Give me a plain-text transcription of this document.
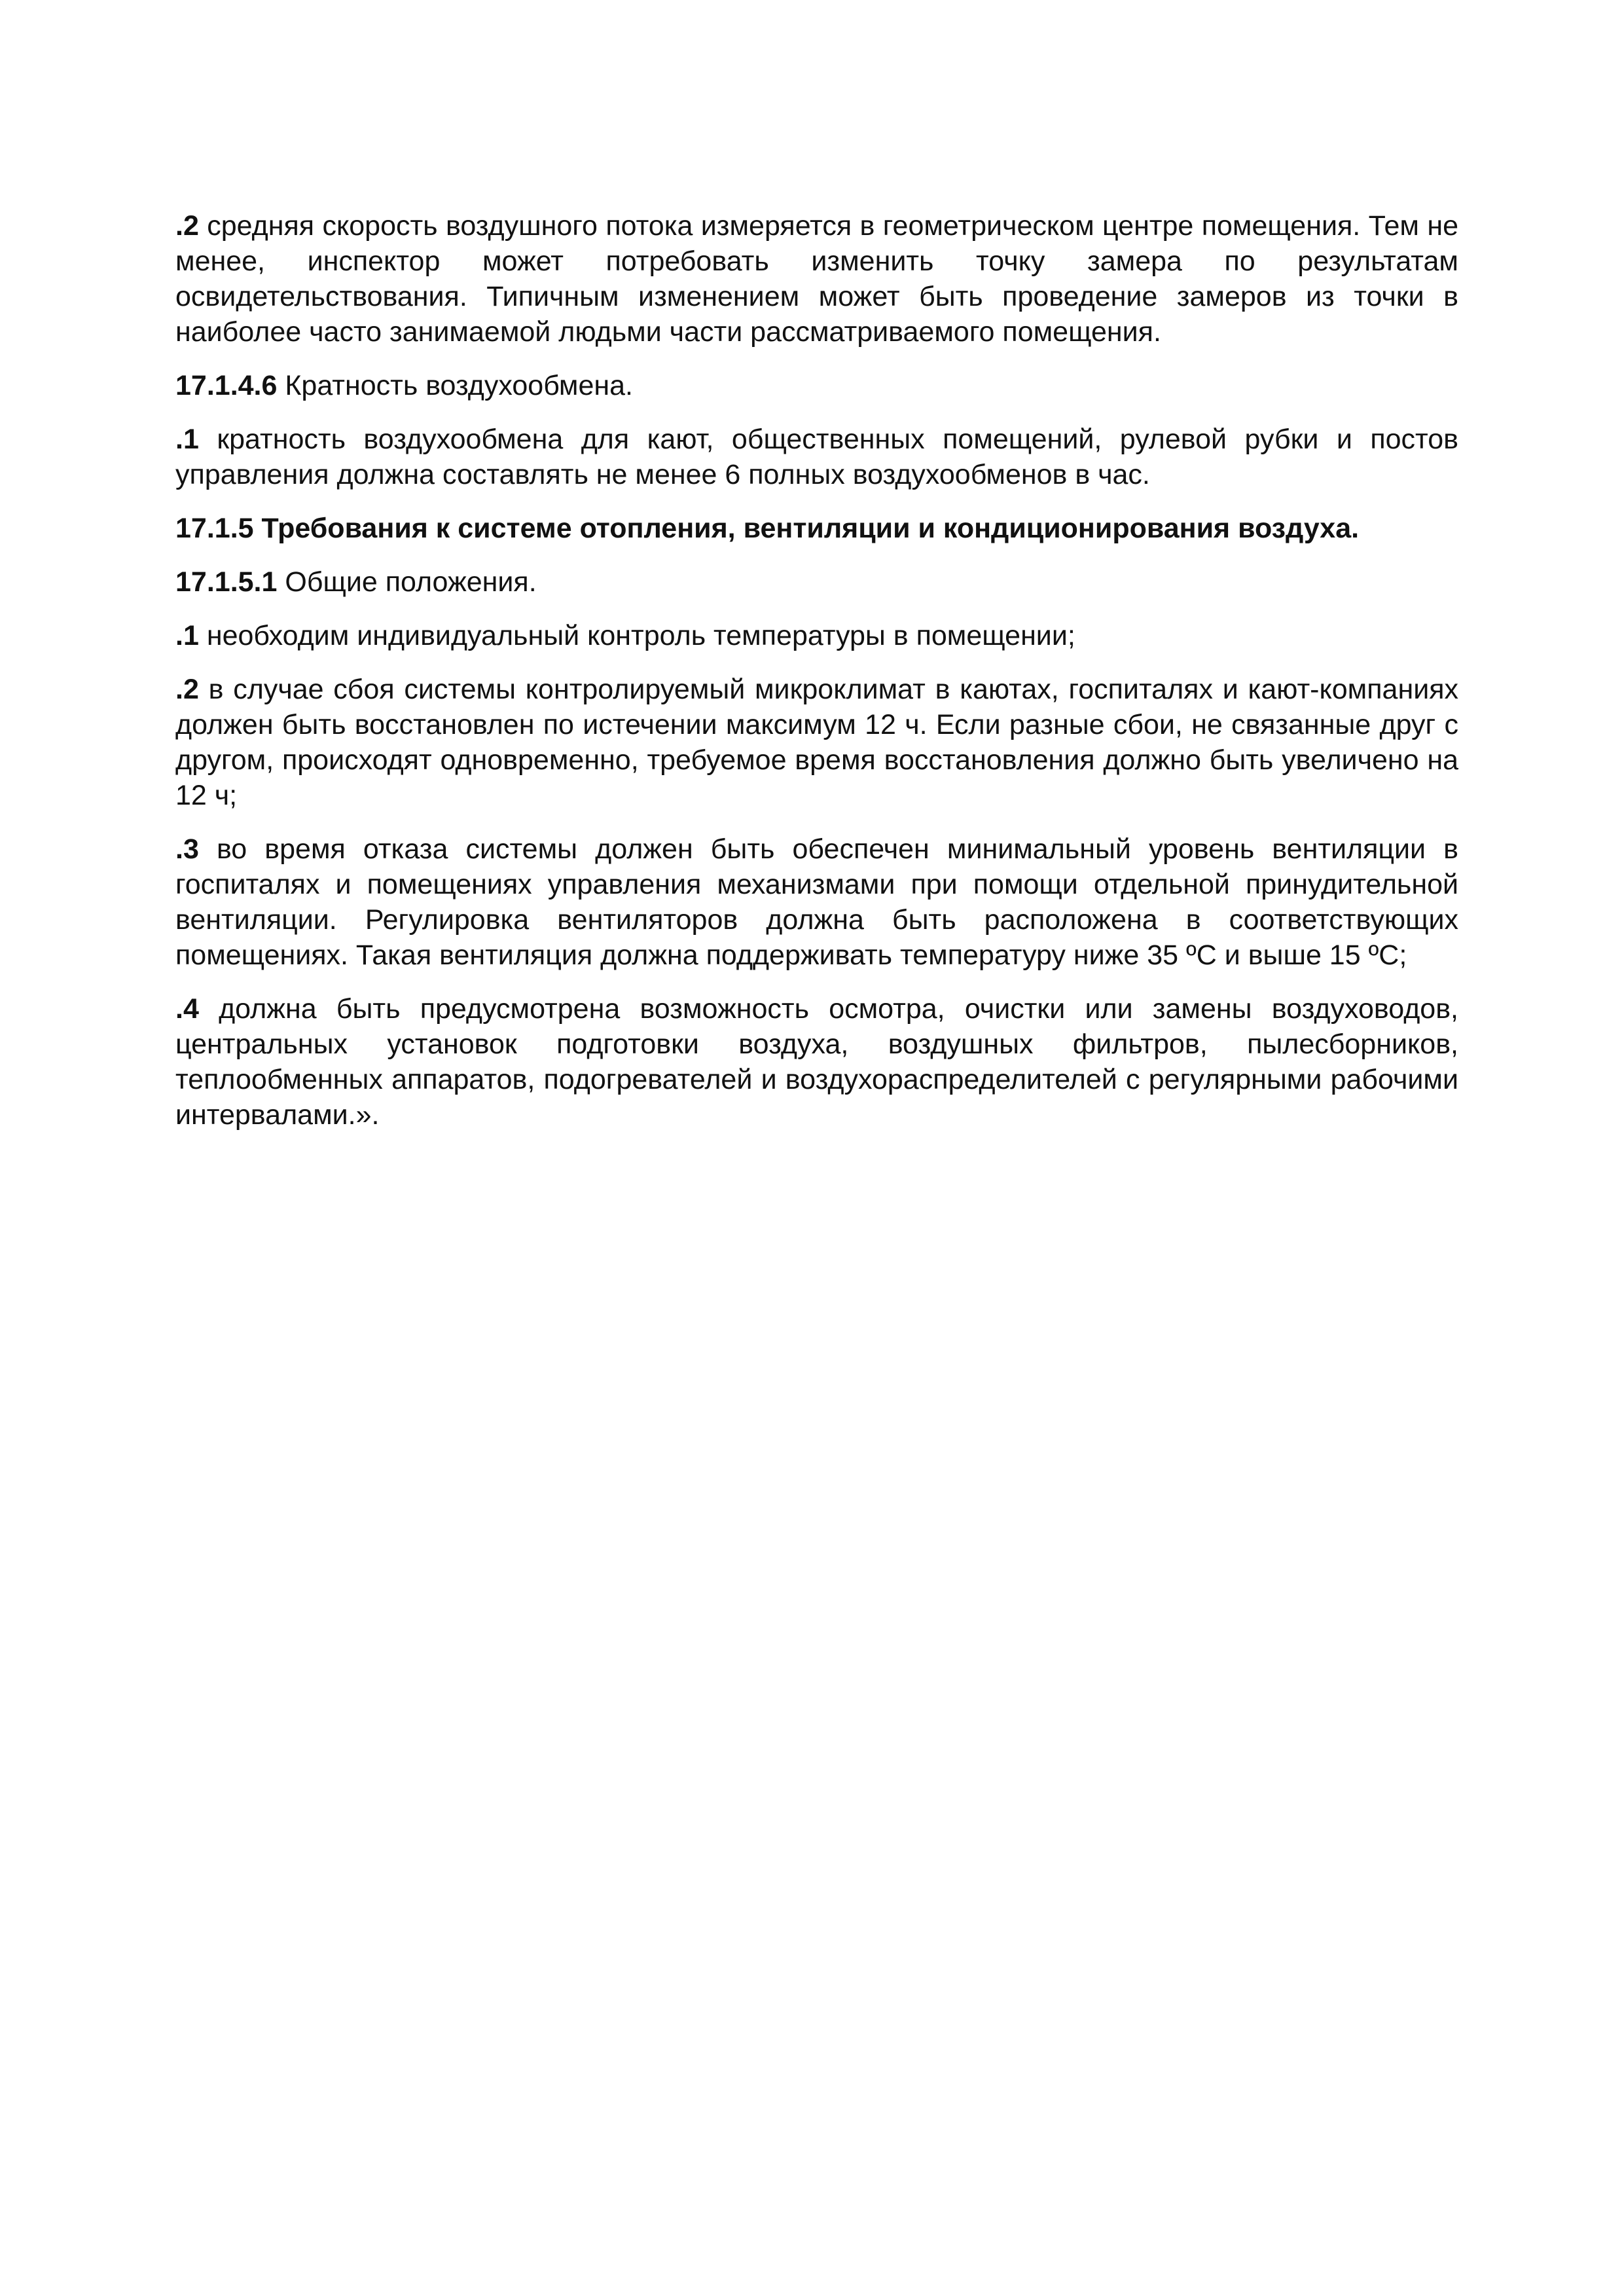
.2 средняя скорость воздушного потока измеряется в геометрическом центре помещения. Тем не менее, инспектор может потребовать изменить точку замера по результатам освидетельствования. Типичным изменением может быть проведение замеров из точки в наиболее часто занимаемой людьми части рассматриваемого помещения.

17.1.4.6 Кратность воздухообмена.

.1 кратность воздухообмена для кают, общественных помещений, рулевой рубки и постов управления должна составлять не менее 6 полных воздухообменов в час.

17.1.5 Требования к системе отопления, вентиляции и кондиционирования воздуха.

17.1.5.1 Общие положения.

.1 необходим индивидуальный контроль температуры в помещении;

.2 в случае сбоя системы контролируемый микроклимат в каютах, госпиталях и кают-компаниях должен быть восстановлен по истечении максимум 12 ч. Если разные сбои, не связанные друг с другом, происходят одновременно, требуемое время восстановления должно быть увеличено на 12 ч;

.3 во время отказа системы должен быть обеспечен минимальный уровень вентиляции в госпиталях и помещениях управления механизмами при помощи отдельной принудительной вентиляции. Регулировка вентиляторов должна быть расположена в соответствующих помещениях. Такая вентиляция должна поддерживать температуру ниже 35 ºС и выше 15 ºС;

.4 должна быть предусмотрена возможность осмотра, очистки или замены воздуховодов, центральных установок подготовки воздуха, воздушных фильтров, пылесборников, теплообменных аппаратов, подогревателей и воздухораспределителей с регулярными рабочими интервалами.».
